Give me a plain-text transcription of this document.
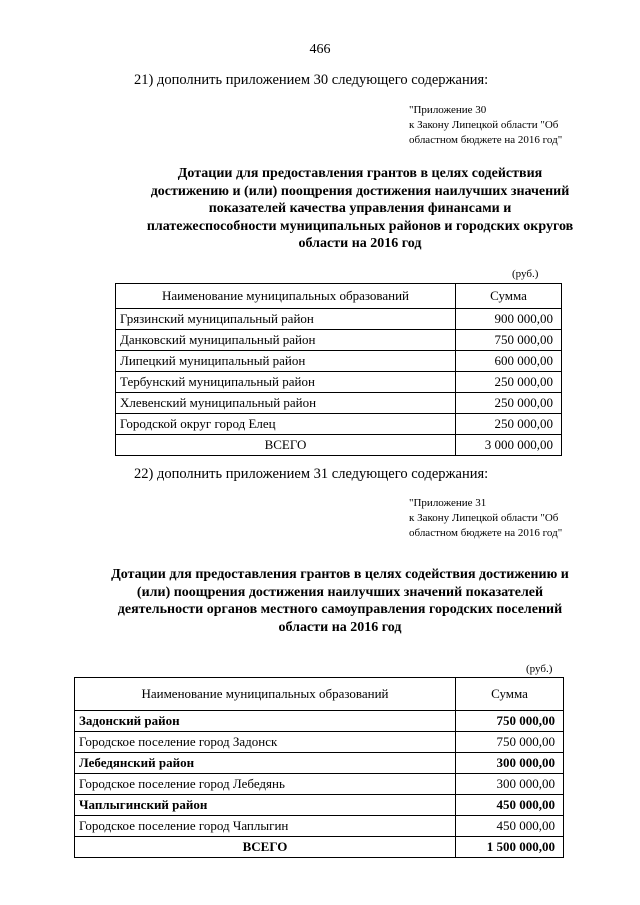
466
21) дополнить приложением 30 следующего содержания:
"Приложение 30
к Закону Липецкой области "Об
областном бюджете на 2016 год"
Дотации для предоставления грантов в целях содействия
достижению и (или) поощрения достижения наилучших значений
показателей качества управления финансами и
платежеспособности муниципальных районов и городских округов
области на 2016 год
(руб.)
Наименование муниципальных образований	Сумма
Грязинский муниципальный район	900 000,00
Данковский муниципальный район	750 000,00
Липецкий муниципальный район	600 000,00
Тербунский муниципальный район	250 000,00
Хлевенский муниципальный район	250 000,00
Городской округ город Елец	250 000,00
ВСЕГО	3 000 000,00
22) дополнить приложением 31 следующего содержания:
"Приложение 31
к Закону Липецкой области "Об
областном бюджете на 2016 год"
Дотации для предоставления грантов в целях содействия достижению и
(или) поощрения достижения наилучших значений показателей
деятельности органов местного самоуправления городских поселений
области на 2016 год
(руб.)
Наименование муниципальных образований	Сумма
Задонский район	750 000,00
Городское поселение город Задонск	750 000,00
Лебедянский район	300 000,00
Городское поселение город Лебедянь	300 000,00
Чаплыгинский район	450 000,00
Городское поселение город Чаплыгин	450 000,00
ВСЕГО	1 500 000,00
